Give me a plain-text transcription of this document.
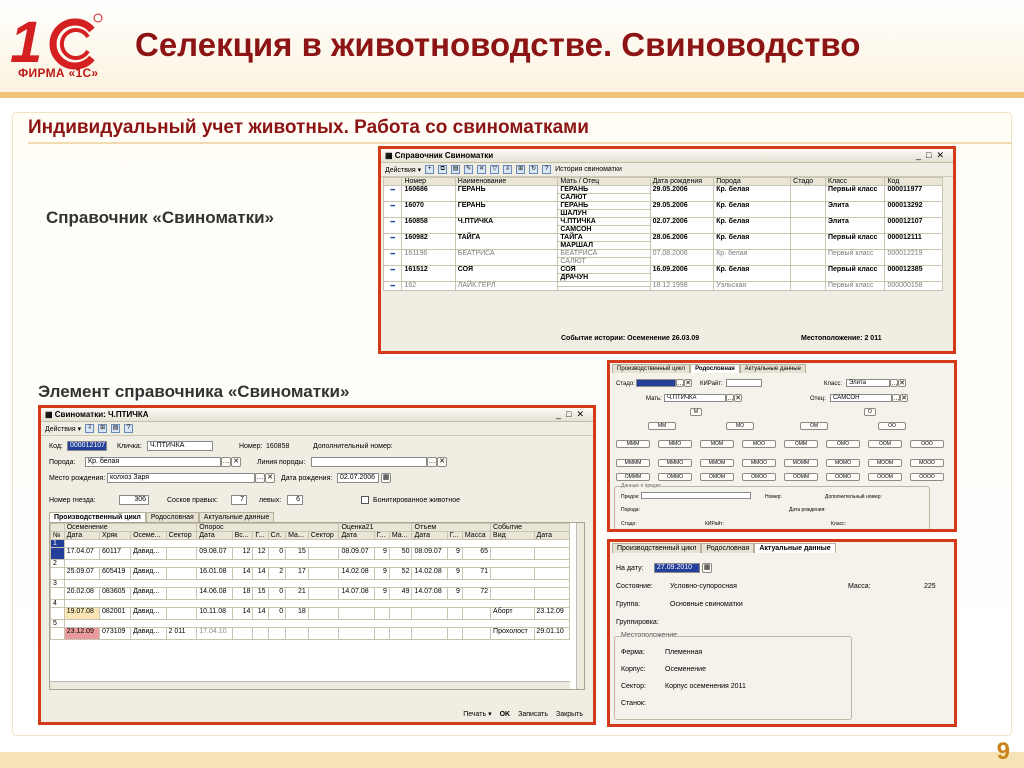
1
ФИРМА «1С»
Селекция в животноводстве. Свиноводство
Индивидуальный учет животных. Работа со свиноматками
Справочник «Свиноматки»
Элемент справочника «Свиноматки»
▦ Справочник Свиноматки	_□✕
Действия ▾	+	⧉	▤	✎	✕	▽	≡	⊞	↻	? История свиноматки
	Номер	Наименование	Мать / Отец	Дата рождения	Порода	Стадо	Класс	Код
━	160686	ГЕРАНЬ	ГЕРАНЬ	29.05.2006	Кр. белая		Первый класс	000011977
			САЛЮТ					
━	16070	ГЕРАНЬ	ГЕРАНЬ	29.05.2006	Кр. белая		Элита	000013292
			ШАЛУН					
━	160858	Ч.ПТИЧКА	Ч.ПТИЧКА	02.07.2006	Кр. белая		Элита	000012107
			САМСОН					
━	160982	ТАЙГА	ТАЙГА	28.06.2006	Кр. белая		Первый класс	000012111
			МАРШАЛ					
━	161196	БЕАТРИСА	БЕАТРИСА	07.08.2006	Кр. белая		Первый класс	000012219
			САЛЮТ					
━	161512	СОЯ	СОЯ	16.09.2006	Кр. белая		Первый класс	000012385
			ДРАЧУН					
━	162	ЛАЙК.ГЕРЛ		18.12.1998	Уэльская		Первый класс	000000158

Событие истории: Осеменение 26.03.09	Местоположение: 2 011
▦ Свиноматки: Ч.ПТИЧКА	_□✕
Действия ▾ ⇩	⊞	▤	?
Код:	000012107 Кличка:	Ч.ПТИЧКА	Номер: 160858	Дополнительный номер:
Порода:	Кр. белая	… ✕	Линия породы:	… ✕
Место рождения: колхоз Заря	… ✕ Дата рождения:	02.07.2006	▦
Номер гнезда:	306	Сосков правых:	7	левых:	6	Бонитированное животное
Производственный цикл	Родословная	Актуальные данные
	Осеменение				Опорос						Оценка21			Отъем			Событие	
№	Дата	Хряк	Осеме...	Сектор	Дата	Вс...	Г...	Сл.	Ма...	Сектор	Дата	Г...	Ма...	Дата	Г...	Масса	Вид	Дата
1																		
	17.04.07	60117	Давид...		09.08.07	12	12	0	15		08.09.07	9	50	08.09.07	9	65		
2																		
	25.09.07	605419	Давид...		16.01.08	14	14	2	17		14.02.08	9	52	14.02.08	9	71		
3																		
	20.02.08	083605	Давид...		14.06.08	18	15	0	21		14.07.08	9	49	14.07.08	9	72		
4																		
	19.07.08	082001	Давид...		10.11.08	14	14	0	18								Аборт	23.12.09
5																		
	23.12.09	073109	Давид...	2 011	17.04.10												Прохолост	29.01.10
Печать ▾ OK Записать Закрыть
Производственный цикл	Родословная	Актуальные данные
Стадо:	… ✕ КИРайт:	Класс:	Элита	… ✕
Мать: Ч.ПТИЧКА	… ✕	Отец:	САМСОН	… ✕
М	О
ММ	МО	ОМ	ОО
МММ
ММММ
ОМММ
ММО
МММО
ОММО
МОМ
ММОМ
ОМОМ
МОО
ММОО
ОМОО
ОММ
МОММ
ООММ
ОМО
МОМО
ООМО
ООМ
МООМ
ОООМ
ООО
МООО
ОООО
Данные о предке
Предок:	Номер:	Дополнительный номер:
Порода:	Дата рождения:
Стадо:	КИРайт:	Класс:
Производственный цикл	Родословная	Актуальные данные
На дату:	27.09.2010	▦
Состояние: Условно-супоросная	Масса:	225
Группа:	Основные свиноматки
Группировка:
Местоположение
Ферма:	Племенная
Корпус:	Осеменение
Сектор:	Корпус осеменения 2011
Станок:
9
